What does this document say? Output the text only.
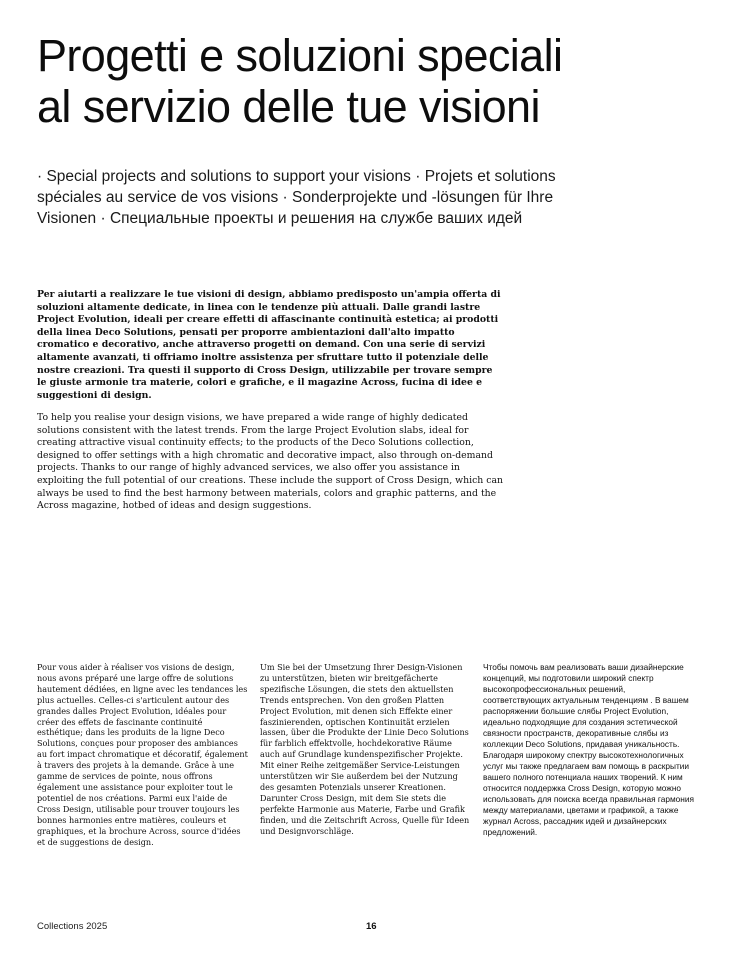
Progetti e soluzioni speciali
al servizio delle tue visioni

· Special projects and solutions to support your visions · Projets et solutions spéciales au service de vos visions · Sonderprojekte und -lösungen für Ihre Visionen · Специальные проекты и решения на службе ваших идей

Per aiutarti a realizzare le tue visioni di design, abbiamo predisposto un'ampia offerta di soluzioni altamente dedicate, in linea con le tendenze più attuali. Dalle grandi lastre Project Evolution, ideali per creare effetti di affascinante continuità estetica; ai prodotti della linea Deco Solutions, pensati per proporre ambientazioni dall'alto impatto cromatico e decorativo, anche attraverso progetti on demand. Con una serie di servizi altamente avanzati, ti offriamo inoltre assistenza per sfruttare tutto il potenziale delle nostre creazioni. Tra questi il supporto di Cross Design, utilizzabile per trovare sempre le giuste armonie tra materie, colori e grafiche, e il magazine Across, fucina di idee e suggestioni di design.

To help you realise your design visions, we have prepared a wide range of highly dedicated solutions consistent with the latest trends. From the large Project Evolution slabs, ideal for creating attractive visual continuity effects; to the products of the Deco Solutions collection, designed to offer settings with a high chromatic and decorative impact, also through on-demand projects. Thanks to our range of highly advanced services, we also offer you assistance in exploiting the full potential of our creations. These include the support of Cross Design, which can always be used to find the best harmony between materials, colors and graphic patterns, and the Across magazine, hotbed of ideas and design suggestions.

Pour vous aider à réaliser vos visions de design, nous avons préparé une large offre de solutions hautement dédiées, en ligne avec les tendances les plus actuelles. Celles-ci s'articulent autour des grandes dalles Project Evolution, idéales pour créer des effets de fascinante continuité esthétique; dans les produits de la ligne Deco Solutions, conçues pour proposer des ambiances au fort impact chromatique et décoratif, également à travers des projets à la demande. Grâce à une gamme de services de pointe, nous offrons également une assistance pour exploiter tout le potentiel de nos créations. Parmi eux l'aide de Cross Design, utilisable pour trouver toujours les bonnes harmonies entre matières, couleurs et graphiques, et la brochure Across, source d'idées et de suggestions de design.

Um Sie bei der Umsetzung Ihrer Design-Visionen zu unterstützen, bieten wir breitgefächerte spezifische Lösungen, die stets den aktuellsten Trends entsprechen. Von den großen Platten Project Evolution, mit denen sich Effekte einer faszinierenden, optischen Kontinuität erzielen lassen, über die Produkte der Linie Deco Solutions für farblich effektvolle, hochdekorative Räume auch auf Grundlage kundenspezifischer Projekte. Mit einer Reihe zeitgemäßer Service-Leistungen unterstützen wir Sie außerdem bei der Nutzung des gesamten Potenzials unserer Kreationen. Darunter Cross Design, mit dem Sie stets die perfekte Harmonie aus Materie, Farbe und Grafik finden, und die Zeitschrift Across, Quelle für Ideen und Designvorschläge.

Чтобы помочь вам реализовать ваши дизайнерские концепций, мы подготовили широкий спектр высокопрофессиональных решений, соответствующих актуальным тенденциям . В вашем распоряжении большие слябы Project Evolution, идеально подходящие для создания эстетической связности пространств, декоративные слябы из коллекции Deco Solutions, придавая уникальность. Благодаря широкому спектру высокотехнологичных услуг мы также предлагаем вам помощь в раскрытии вашего полного потенциала наших творений. К ним относится поддержка Cross Design, которую можно использовать для поиска всегда правильная гармония между материалами, цветами и графикой, а также журнал Across, рассадник идей и дизайнерских предложений.

Collections 2025	16
